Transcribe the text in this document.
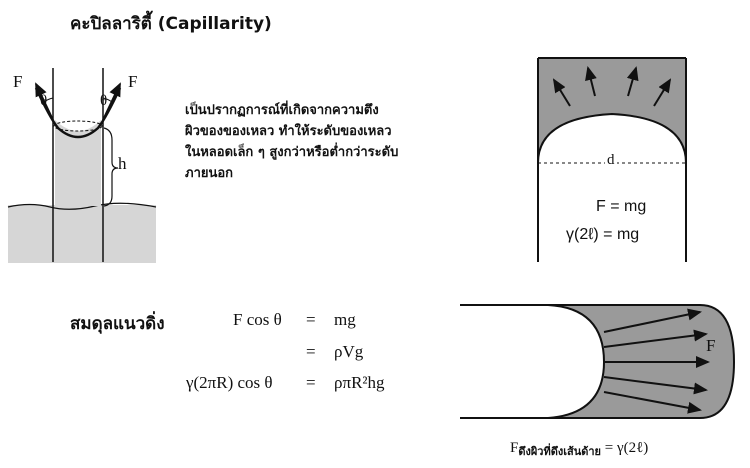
คะปิลลาริตี้ (Capillarity)
เป็นปรากฏการณ์ที่เกิดจากความตึง
ผิวของของเหลว ทำให้ระดับของเหลว
ในหลอดเล็ก ๆ สูงกว่าหรือต่ำกว่าระดับ
ภายนอก
F	F
θ	θ
h	d
F = mg
γ(2ℓ) = mg
สมดุลแนวดิ่ง	F cos θ = mg
= ρVg
γ(2πR) cos θ = ρπR²hg
F
$F_{ดึงผิวที่ดึงเส้นด้าย}$ = γ(2ℓ)
